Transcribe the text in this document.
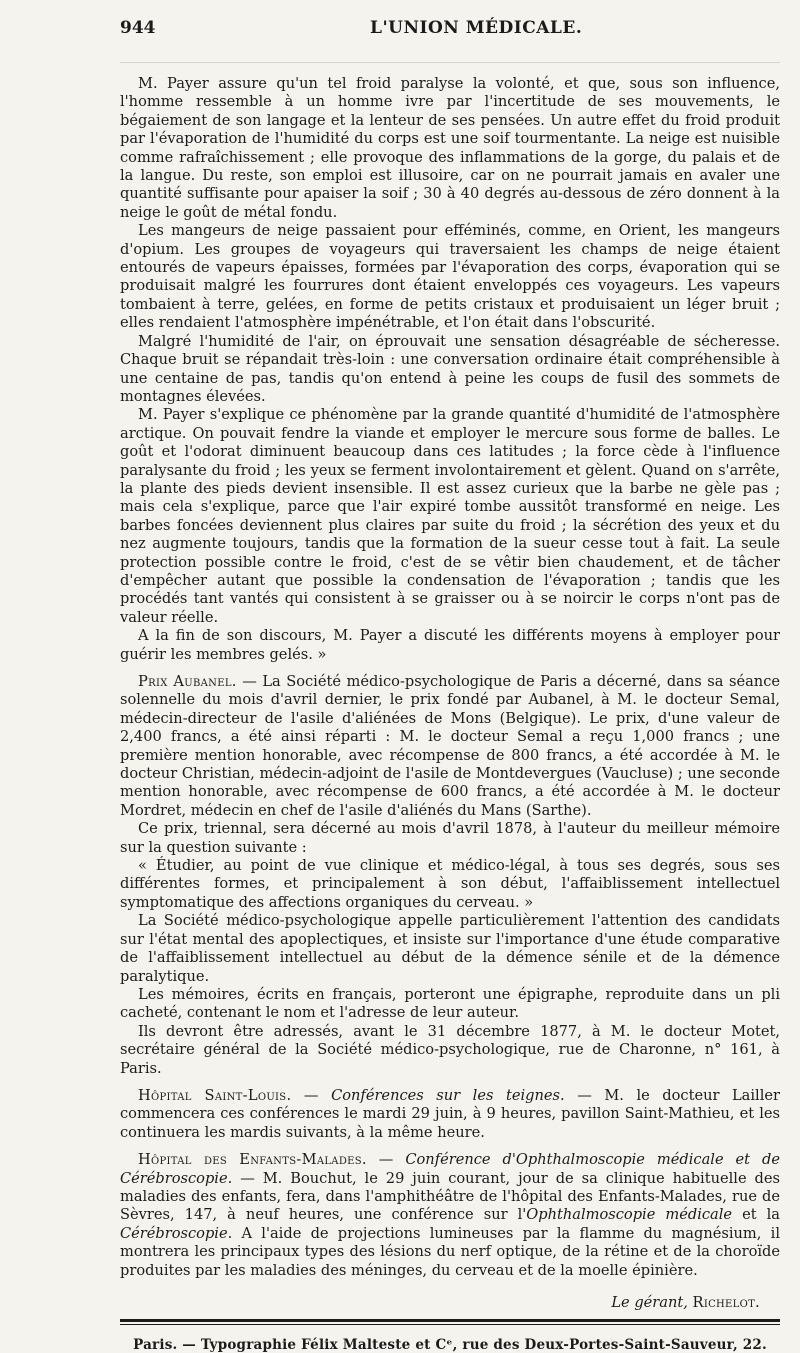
944	L'UNION MÉDICALE.

M. Payer assure qu'un tel froid paralyse la volonté, et que, sous son influence, l'homme ressemble à un homme ivre par l'incertitude de ses mouvements, le bégaiement de son langage et la lenteur de ses pensées. Un autre effet du froid produit par l'évaporation de l'humidité du corps est une soif tourmentante. La neige est nuisible comme rafraîchissement ; elle provoque des inflammations de la gorge, du palais et de la langue. Du reste, son emploi est illusoire, car on ne pourrait jamais en avaler une quantité suffisante pour apaiser la soif ; 30 à 40 degrés au-dessous de zéro donnent à la neige le goût de métal fondu.

Les mangeurs de neige passaient pour efféminés, comme, en Orient, les mangeurs d'opium. Les groupes de voyageurs qui traversaient les champs de neige étaient entourés de vapeurs épaisses, formées par l'évaporation des corps, évaporation qui se produisait malgré les fourrures dont étaient enveloppés ces voyageurs. Les vapeurs tombaient à terre, gelées, en forme de petits cristaux et produisaient un léger bruit ; elles rendaient l'atmosphère impénétrable, et l'on était dans l'obscurité.

Malgré l'humidité de l'air, on éprouvait une sensation désagréable de sécheresse. Chaque bruit se répandait très-loin : une conversation ordinaire était compréhensible à une centaine de pas, tandis qu'on entend à peine les coups de fusil des sommets de montagnes élevées.

M. Payer s'explique ce phénomène par la grande quantité d'humidité de l'atmosphère arctique. On pouvait fendre la viande et employer le mercure sous forme de balles. Le goût et l'odorat diminuent beaucoup dans ces latitudes ; la force cède à l'influence paralysante du froid ; les yeux se ferment involontairement et gèlent. Quand on s'arrête, la plante des pieds devient insensible. Il est assez curieux que la barbe ne gèle pas ; mais cela s'explique, parce que l'air expiré tombe aussitôt transformé en neige. Les barbes foncées deviennent plus claires par suite du froid ; la sécrétion des yeux et du nez augmente toujours, tandis que la formation de la sueur cesse tout à fait. La seule protection possible contre le froid, c'est de se vêtir bien chaudement, et de tâcher d'empêcher autant que possible la condensation de l'évaporation ; tandis que les procédés tant vantés qui consistent à se graisser ou à se noircir le corps n'ont pas de valeur réelle.

A la fin de son discours, M. Payer a discuté les différents moyens à employer pour guérir les membres gelés. »

Prix Aubanel. — La Société médico-psychologique de Paris a décerné, dans sa séance solennelle du mois d'avril dernier, le prix fondé par Aubanel, à M. le docteur Semal, médecin-directeur de l'asile d'aliénées de Mons (Belgique). Le prix, d'une valeur de 2,400 francs, a été ainsi réparti : M. le docteur Semal a reçu 1,000 francs ; une première mention honorable, avec récompense de 800 francs, a été accordée à M. le docteur Christian, médecin-adjoint de l'asile de Montdevergues (Vaucluse) ; une seconde mention honorable, avec récompense de 600 francs, a été accordée à M. le docteur Mordret, médecin en chef de l'asile d'aliénés du Mans (Sarthe).

Ce prix, triennal, sera décerné au mois d'avril 1878, à l'auteur du meilleur mémoire sur la question suivante :

« Étudier, au point de vue clinique et médico-légal, à tous ses degrés, sous ses différentes formes, et principalement à son début, l'affaiblissement intellectuel symptomatique des affections organiques du cerveau. »

La Société médico-psychologique appelle particulièrement l'attention des candidats sur l'état mental des apoplectiques, et insiste sur l'importance d'une étude comparative de l'affaiblissement intellectuel au début de la démence sénile et de la démence paralytique.

Les mémoires, écrits en français, porteront une épigraphe, reproduite dans un pli cacheté, contenant le nom et l'adresse de leur auteur.

Ils devront être adressés, avant le 31 décembre 1877, à M. le docteur Motet, secrétaire général de la Société médico-psychologique, rue de Charonne, n° 161, à Paris.

Hôpital Saint-Louis. — Conférences sur les teignes. — M. le docteur Lailler commencera ces conférences le mardi 29 juin, à 9 heures, pavillon Saint-Mathieu, et les continuera les mardis suivants, à la même heure.

Hôpital des Enfants-Malades. — Conférence d'Ophthalmoscopie médicale et de Cérébroscopie. — M. Bouchut, le 29 juin courant, jour de sa clinique habituelle des maladies des enfants, fera, dans l'amphithéâtre de l'hôpital des Enfants-Malades, rue de Sèvres, 147, à neuf heures, une conférence sur l'Ophthalmoscopie médicale et la Cérébroscopie. A l'aide de projections lumineuses par la flamme du magnésium, il montrera les principaux types des lésions du nerf optique, de la rétine et de la choroïde produites par les maladies des méninges, du cerveau et de la moelle épinière.

Le gérant, Richelot.
Paris. — Typographie Félix Malteste et Cᵉ, rue des Deux-Portes-Saint-Sauveur, 22.
